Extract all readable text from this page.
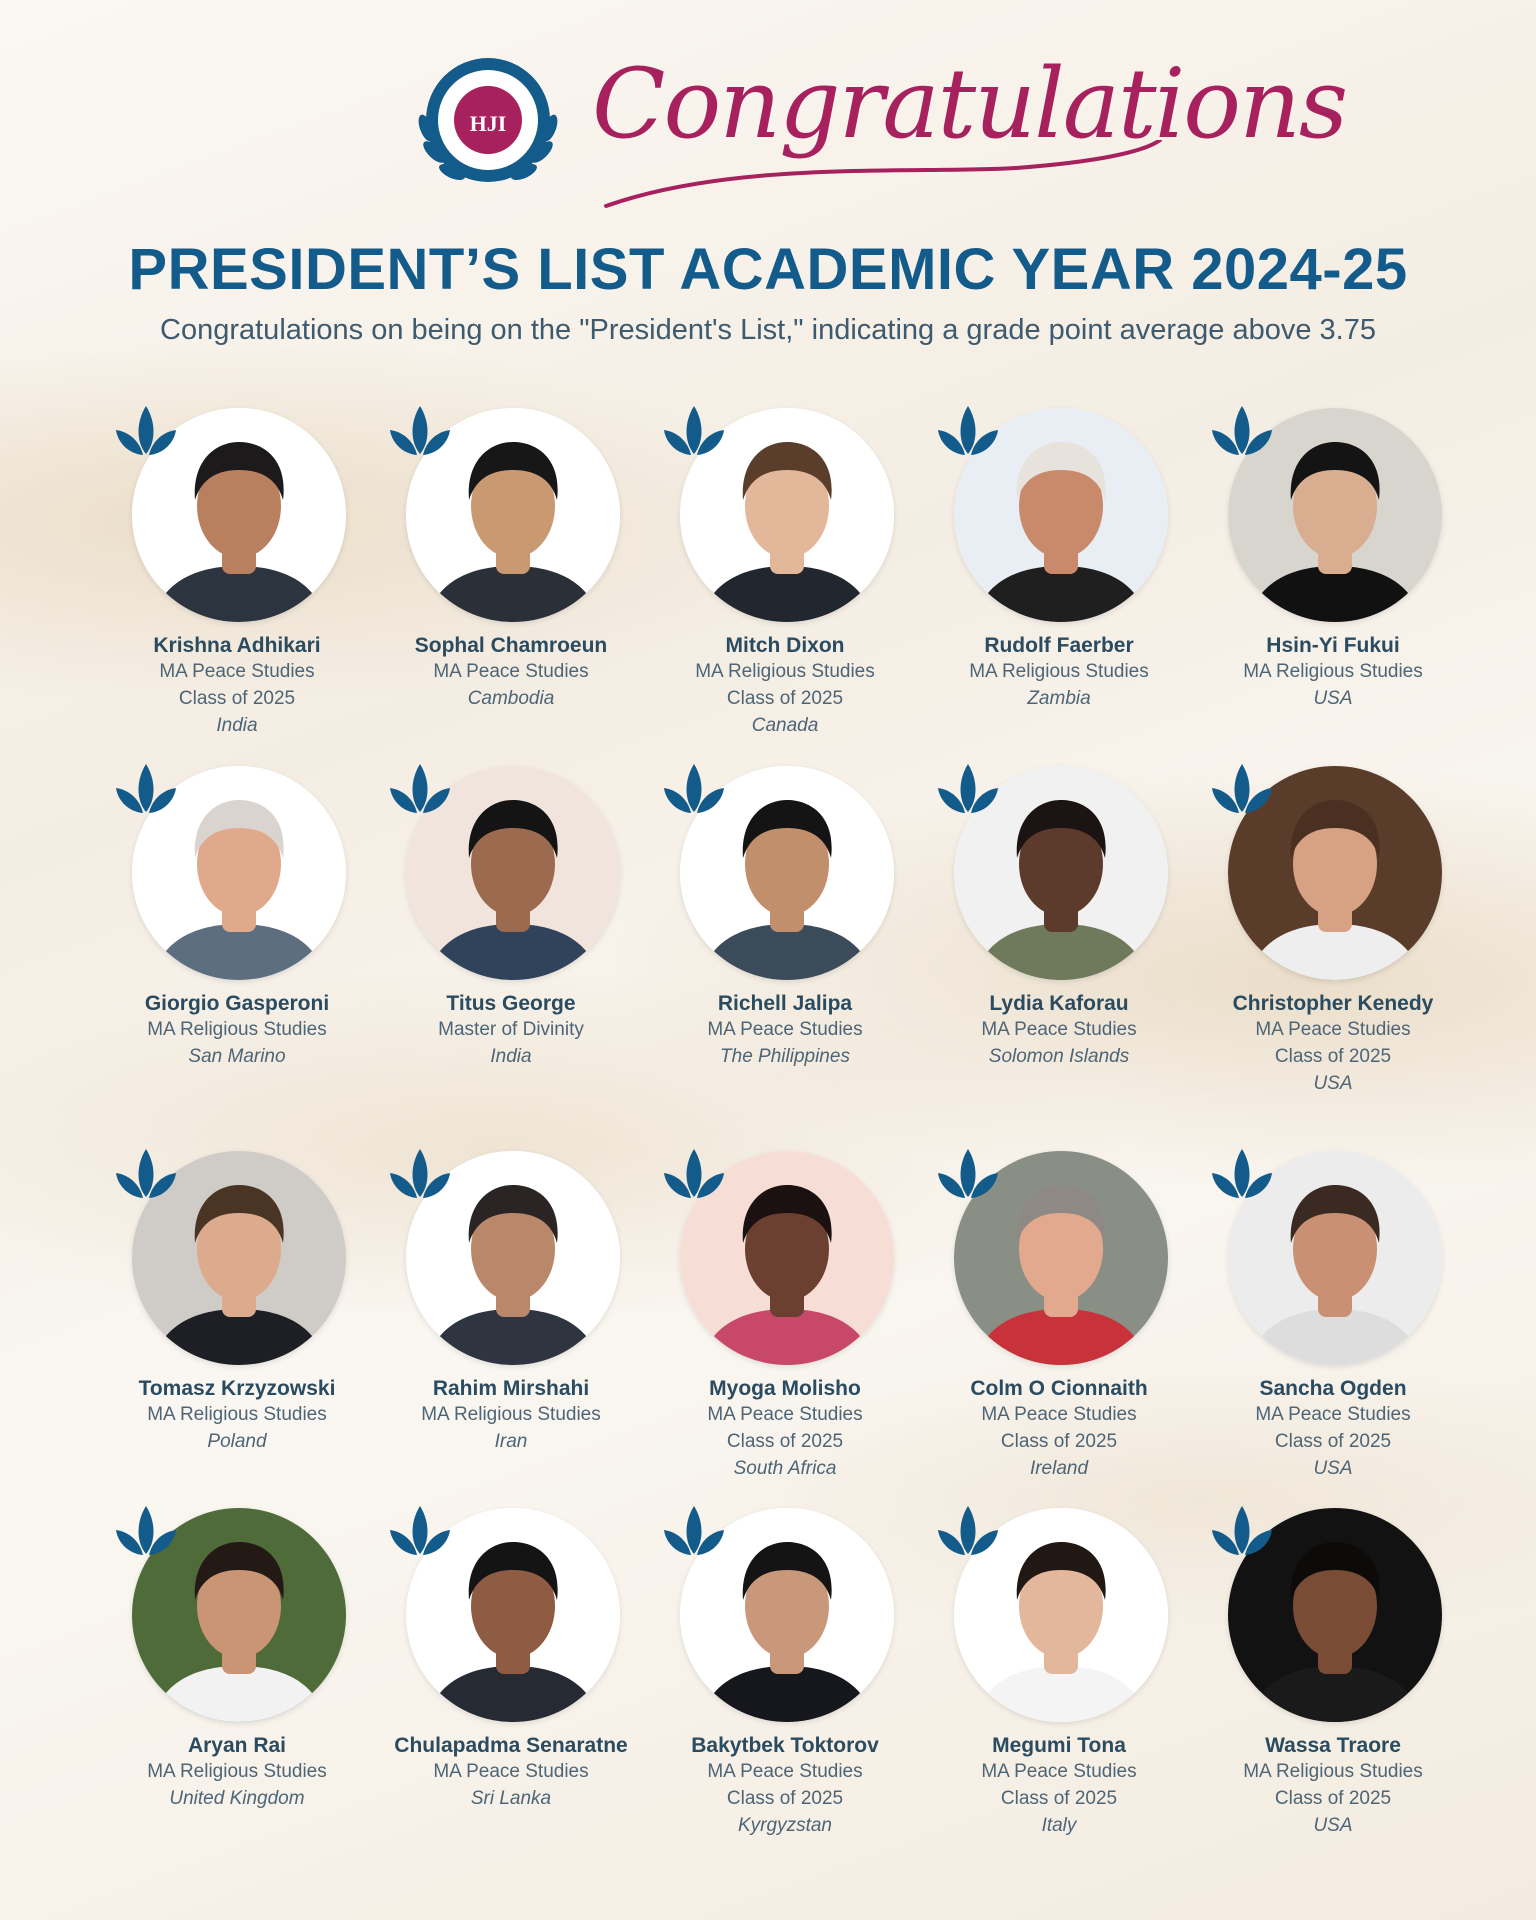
HJI Congratulations
PRESIDENT’S LIST ACADEMIC YEAR 2024-25
Congratulations on being on the "President's List," indicating a grade point average above 3.75
Krishna Adhikari
MA Peace Studies
Class of 2025
India
Sophal Chamroeun
MA Peace Studies
Cambodia
Mitch Dixon
MA Religious Studies
Class of 2025
Canada
Rudolf Faerber
MA Religious Studies
Zambia
Hsin-Yi Fukui
MA Religious Studies
USA
Giorgio Gasperoni
MA Religious Studies
San Marino
Titus George
Master of Divinity
India
Richell Jalipa
MA Peace Studies
The Philippines
Lydia Kaforau
MA Peace Studies
Solomon Islands
Christopher Kenedy
MA Peace Studies
Class of 2025
USA
Tomasz Krzyzowski
MA Religious Studies
Poland
Rahim Mirshahi
MA Religious Studies
Iran
Myoga Molisho
MA Peace Studies
Class of 2025
South Africa
Colm O Cionnaith
MA Peace Studies
Class of 2025
Ireland
Sancha Ogden
MA Peace Studies
Class of 2025
USA
Aryan Rai
MA Religious Studies
United Kingdom
Chulapadma Senaratne
MA Peace Studies
Sri Lanka
Bakytbek Toktorov
MA Peace Studies
Class of 2025
Kyrgyzstan
Megumi Tona
MA Peace Studies
Class of 2025
Italy
Wassa Traore
MA Religious Studies
Class of 2025
USA
